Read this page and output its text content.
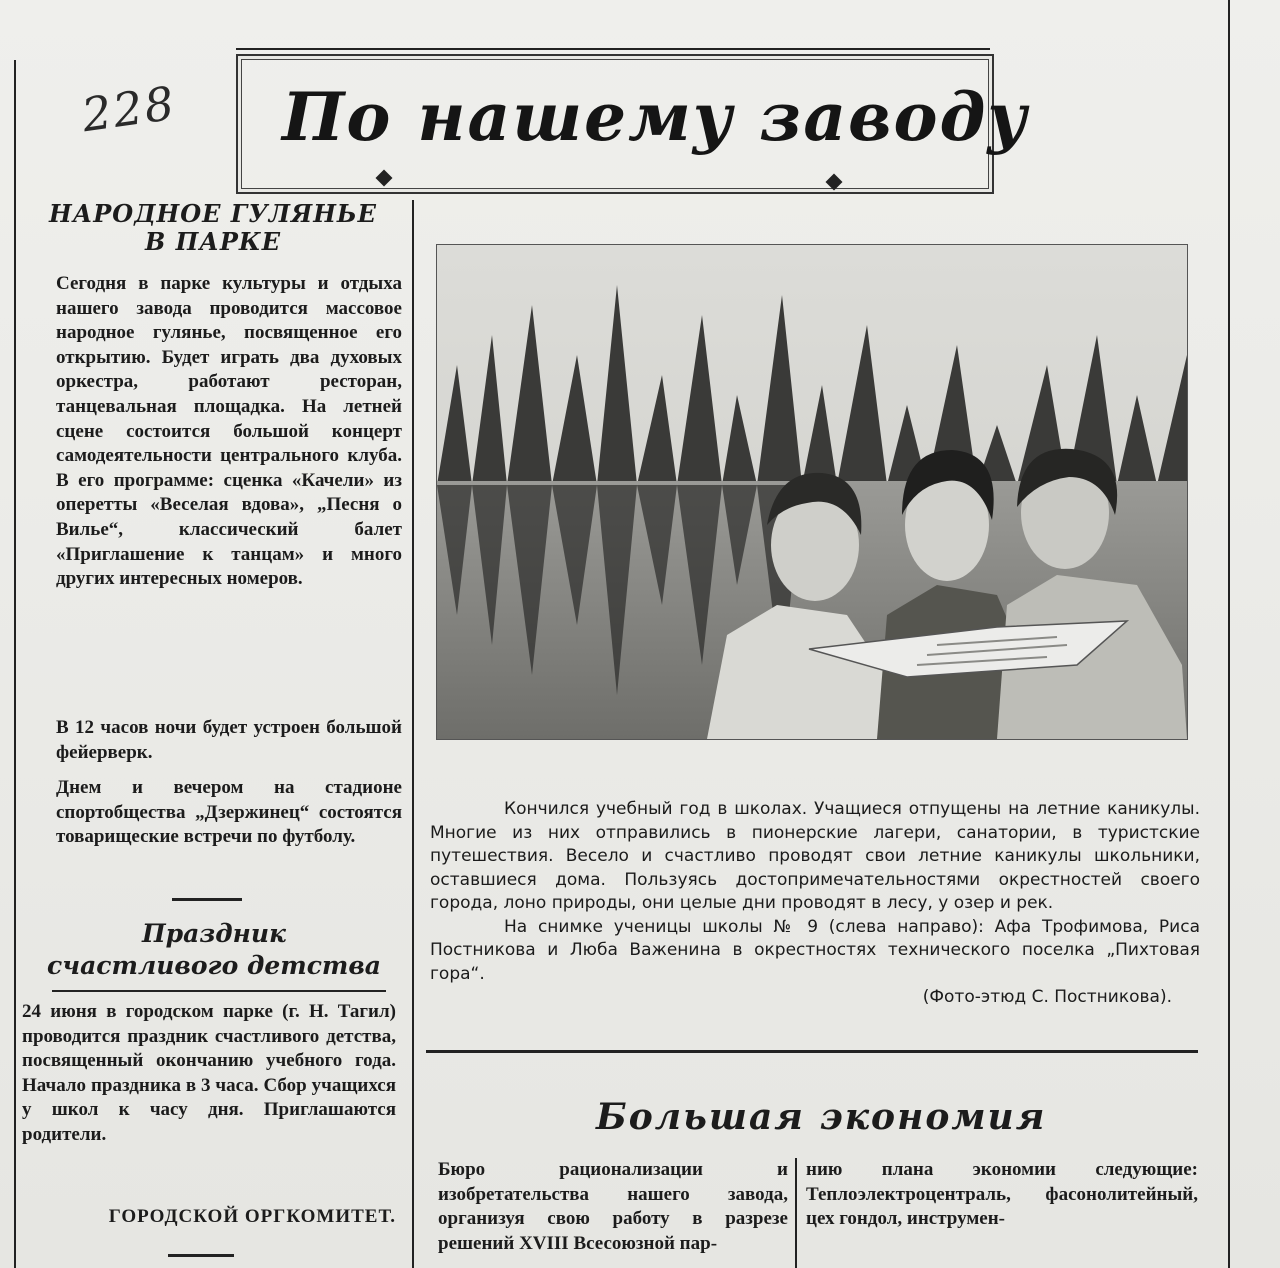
228 По нашему заводу
НАРОДНОЕ ГУЛЯНЬЕ
В ПАРКЕ

Сегодня в парке культуры и отдыха нашего завода проводится массовое народное гулянье, посвященное его открытию. Будет играть два духовых оркестра, работают ресторан, танцевальная площадка. На летней сцене состоится большой концерт самодеятельности центрального клуба. В его программе: сценка «Качели» из оперетты «Веселая вдова», „Песня о Вилье“, классический балет «Приглашение к танцам» и много других интересных номеров.

В 12 часов ночи будет устроен большой фейерверк.

Днем и вечером на стадионе спортобщества „Дзержинец“ состоятся товарищеские встречи по футболу.

Праздник
счастливого детства

24 июня в городском парке (г. Н. Тагил) проводится праздник счастливого детства, посвященный окончанию учебного года. Начало праздника в 3 часа. Сбор учащихся у школ к часу дня. Приглашаются родители.

ГОРОДСКОЙ ОРГКОМИТЕТ.

Кончился учебный год в школах. Учащиеся отпущены на летние каникулы. Многие из них отправились в пионерские лагери, санатории, в туристские путешествия. Весело и счастливо проводят свои летние каникулы школьники, оставшиеся дома. Пользуясь достопримечательностями окрестностей своего города, лоно природы, они целые дни проводят в лесу, у озер и рек.

На снимке ученицы школы № 9 (слева направо): Афа Трофимова, Риса Постникова и Люба Важенина в окрестностях технического поселка „Пихтовая гора“.

(Фото-этюд С. Постникова).

Большая экономия

Бюро рационализации и изобретательства нашего завода, организуя свою работу в разрезе решений XVIII Всесоюзной пар-

нию плана экономии следующие: Теплоэлектроцентраль, фасонолитейный, цех гондол, инструмен-
